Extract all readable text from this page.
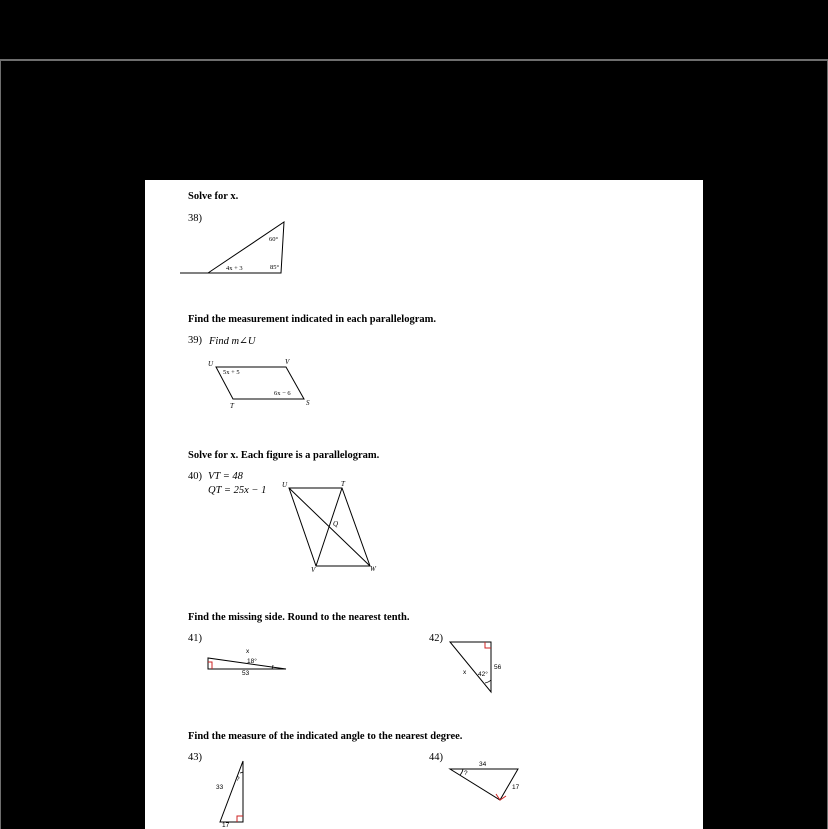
Solve for x.
Find the measurement indicated in each parallelogram.
Solve for x. Each figure is a parallelogram.
Find the missing side. Round to the nearest tenth.
Find the measure of the indicated angle to the nearest degree.
38)
39) Find m∠U
40) VT = 48
QT = 25x − 1
41)	42)
43)	44)
60°
85°
4x + 3
U	V
T	S
5x + 5
6x − 6
U	T
Q
V	W
x
18°
53	x 42°
56
?
33
17
?
34
17
